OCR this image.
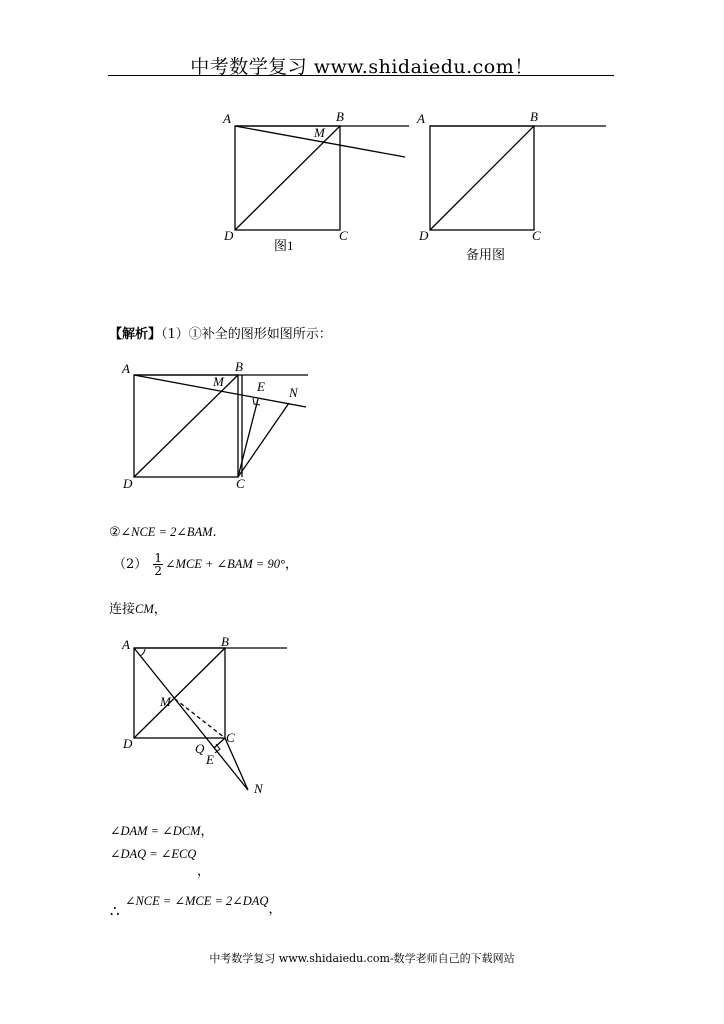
中考数学复习 www.shidaiedu.com！
A	B
M
D	C
图1
A	B
D	C
备用图
【解析】（1）①补全的图形如图所示：
A	B
M	E N
D	C
②∠NCE = 2∠BAM.
$(2) \frac{1}{2}$ ∠MCE + ∠BAM = 90°，
连接CM，
A	B
M
C
D	Q
E
N
∠DAM = ∠DCM，
∠DAQ = ∠ECQ
，
∴
∠NCE = ∠MCE = 2∠DAQ，
中考数学复习 www.shidaiedu.com-数学老师自己的下载网站
